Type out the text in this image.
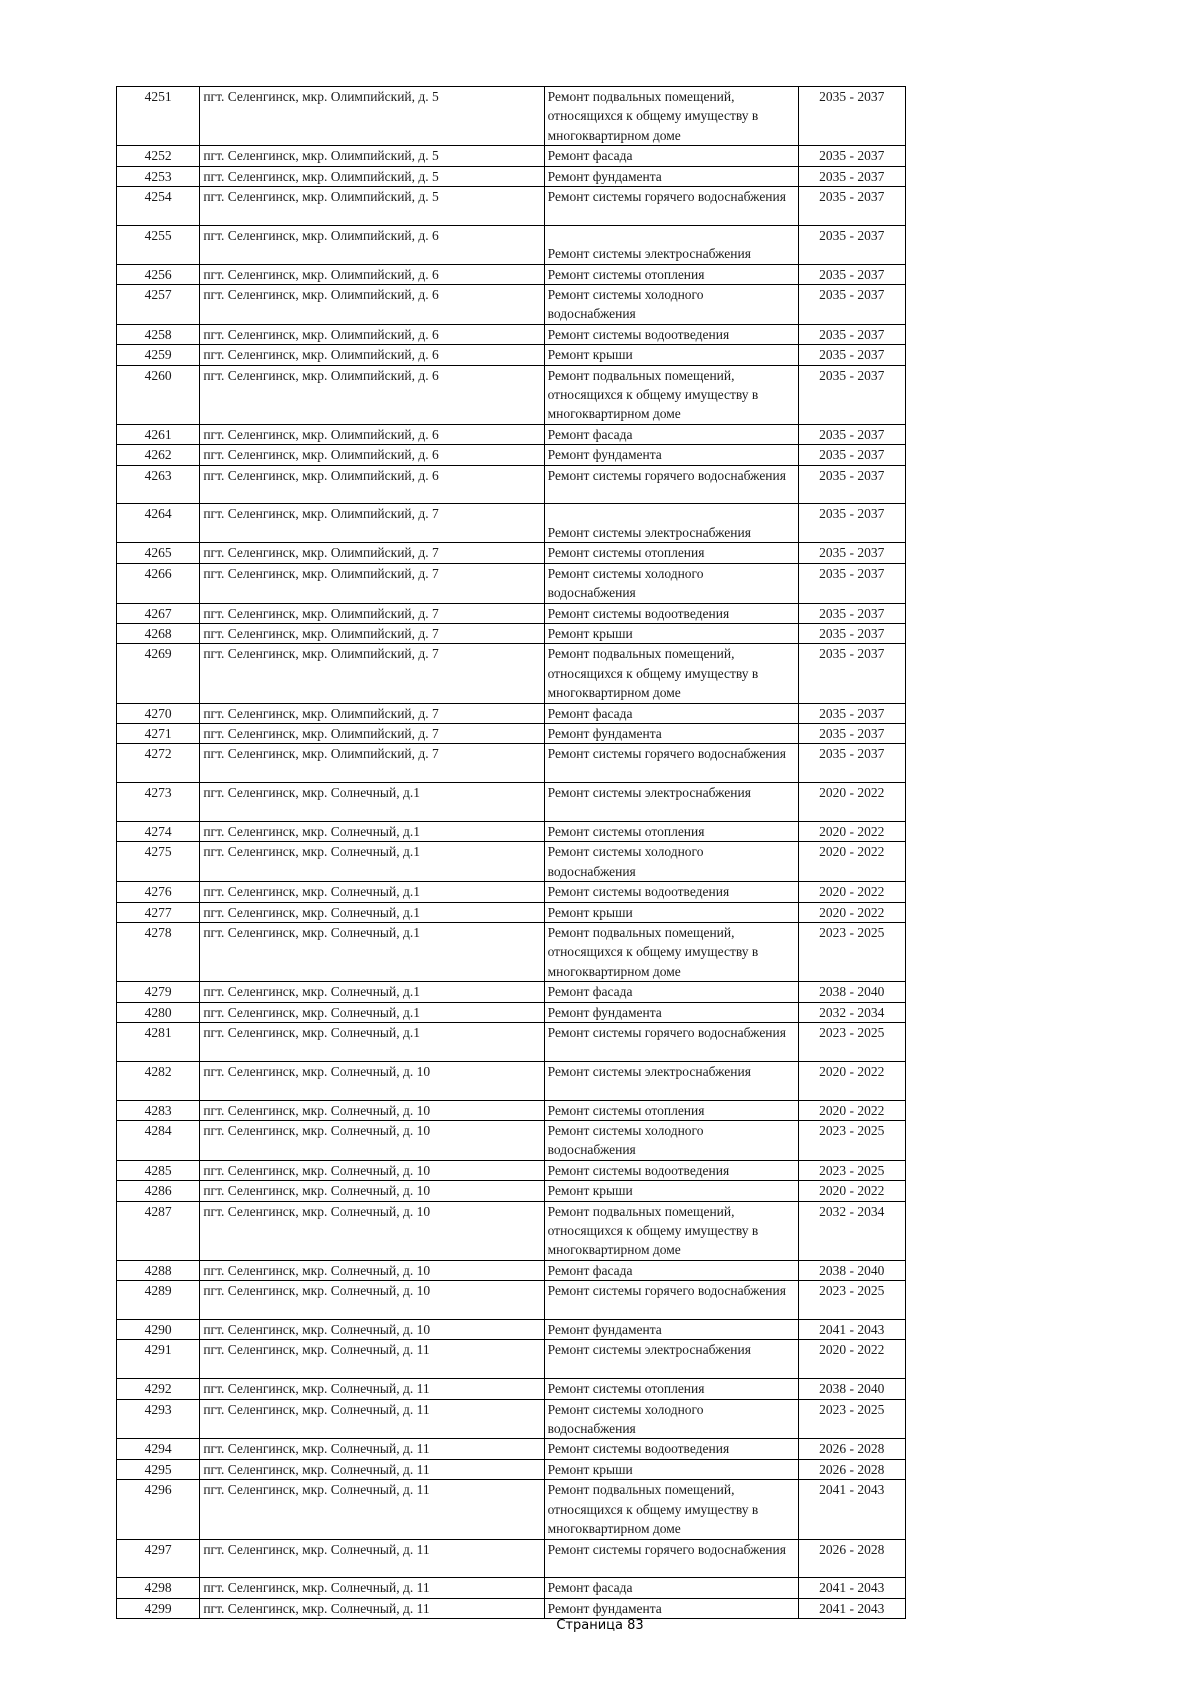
4251	пгт. Селенгинск, мкр. Олимпийский, д. 5	Ремонт подвальных помещений, относящихся к общему имуществу в многоквартирном доме	2035 - 2037
4252	пгт. Селенгинск, мкр. Олимпийский, д. 5	Ремонт фасада	2035 - 2037
4253	пгт. Селенгинск, мкр. Олимпийский, д. 5	Ремонт фундамента	2035 - 2037
4254	пгт. Селенгинск, мкр. Олимпийский, д. 5	Ремонт системы горячего водоснабжения	2035 - 2037
4255	пгт. Селенгинск, мкр. Олимпийский, д. 6	Ремонт системы электроснабжения	2035 - 2037
4256	пгт. Селенгинск, мкр. Олимпийский, д. 6	Ремонт системы отопления	2035 - 2037
4257	пгт. Селенгинск, мкр. Олимпийский, д. 6	Ремонт системы холодного водоснабжения	2035 - 2037
4258	пгт. Селенгинск, мкр. Олимпийский, д. 6	Ремонт системы водоотведения	2035 - 2037
4259	пгт. Селенгинск, мкр. Олимпийский, д. 6	Ремонт крыши	2035 - 2037
4260	пгт. Селенгинск, мкр. Олимпийский, д. 6	Ремонт подвальных помещений, относящихся к общему имуществу в многоквартирном доме	2035 - 2037
4261	пгт. Селенгинск, мкр. Олимпийский, д. 6	Ремонт фасада	2035 - 2037
4262	пгт. Селенгинск, мкр. Олимпийский, д. 6	Ремонт фундамента	2035 - 2037
4263	пгт. Селенгинск, мкр. Олимпийский, д. 6	Ремонт системы горячего водоснабжения	2035 - 2037
4264	пгт. Селенгинск, мкр. Олимпийский, д. 7	Ремонт системы электроснабжения	2035 - 2037
4265	пгт. Селенгинск, мкр. Олимпийский, д. 7	Ремонт системы отопления	2035 - 2037
4266	пгт. Селенгинск, мкр. Олимпийский, д. 7	Ремонт системы холодного водоснабжения	2035 - 2037
4267	пгт. Селенгинск, мкр. Олимпийский, д. 7	Ремонт системы водоотведения	2035 - 2037
4268	пгт. Селенгинск, мкр. Олимпийский, д. 7	Ремонт крыши	2035 - 2037
4269	пгт. Селенгинск, мкр. Олимпийский, д. 7	Ремонт подвальных помещений, относящихся к общему имуществу в многоквартирном доме	2035 - 2037
4270	пгт. Селенгинск, мкр. Олимпийский, д. 7	Ремонт фасада	2035 - 2037
4271	пгт. Селенгинск, мкр. Олимпийский, д. 7	Ремонт фундамента	2035 - 2037
4272	пгт. Селенгинск, мкр. Олимпийский, д. 7	Ремонт системы горячего водоснабжения	2035 - 2037
4273	пгт. Селенгинск, мкр. Солнечный, д.1	Ремонт системы электроснабжения	2020 - 2022
4274	пгт. Селенгинск, мкр. Солнечный, д.1	Ремонт системы отопления	2020 - 2022
4275	пгт. Селенгинск, мкр. Солнечный, д.1	Ремонт системы холодного водоснабжения	2020 - 2022
4276	пгт. Селенгинск, мкр. Солнечный, д.1	Ремонт системы водоотведения	2020 - 2022
4277	пгт. Селенгинск, мкр. Солнечный, д.1	Ремонт крыши	2020 - 2022
4278	пгт. Селенгинск, мкр. Солнечный, д.1	Ремонт подвальных помещений, относящихся к общему имуществу в многоквартирном доме	2023 - 2025
4279	пгт. Селенгинск, мкр. Солнечный, д.1	Ремонт фасада	2038 - 2040
4280	пгт. Селенгинск, мкр. Солнечный, д.1	Ремонт фундамента	2032 - 2034
4281	пгт. Селенгинск, мкр. Солнечный, д.1	Ремонт системы горячего водоснабжения	2023 - 2025
4282	пгт. Селенгинск, мкр. Солнечный, д. 10	Ремонт системы электроснабжения	2020 - 2022
4283	пгт. Селенгинск, мкр. Солнечный, д. 10	Ремонт системы отопления	2020 - 2022
4284	пгт. Селенгинск, мкр. Солнечный, д. 10	Ремонт системы холодного водоснабжения	2023 - 2025
4285	пгт. Селенгинск, мкр. Солнечный, д. 10	Ремонт системы водоотведения	2023 - 2025
4286	пгт. Селенгинск, мкр. Солнечный, д. 10	Ремонт крыши	2020 - 2022
4287	пгт. Селенгинск, мкр. Солнечный, д. 10	Ремонт подвальных помещений, относящихся к общему имуществу в многоквартирном доме	2032 - 2034
4288	пгт. Селенгинск, мкр. Солнечный, д. 10	Ремонт фасада	2038 - 2040
4289	пгт. Селенгинск, мкр. Солнечный, д. 10	Ремонт системы горячего водоснабжения	2023 - 2025
4290	пгт. Селенгинск, мкр. Солнечный, д. 10	Ремонт фундамента	2041 - 2043
4291	пгт. Селенгинск, мкр. Солнечный, д. 11	Ремонт системы электроснабжения	2020 - 2022
4292	пгт. Селенгинск, мкр. Солнечный, д. 11	Ремонт системы отопления	2038 - 2040
4293	пгт. Селенгинск, мкр. Солнечный, д. 11	Ремонт системы холодного водоснабжения	2023 - 2025
4294	пгт. Селенгинск, мкр. Солнечный, д. 11	Ремонт системы водоотведения	2026 - 2028
4295	пгт. Селенгинск, мкр. Солнечный, д. 11	Ремонт крыши	2026 - 2028
4296	пгт. Селенгинск, мкр. Солнечный, д. 11	Ремонт подвальных помещений, относящихся к общему имуществу в многоквартирном доме	2041 - 2043
4297	пгт. Селенгинск, мкр. Солнечный, д. 11	Ремонт системы горячего водоснабжения	2026 - 2028
4298	пгт. Селенгинск, мкр. Солнечный, д. 11	Ремонт фасада	2041 - 2043
4299	пгт. Селенгинск, мкр. Солнечный, д. 11	Ремонт фундамента	2041 - 2043
Страница 83
